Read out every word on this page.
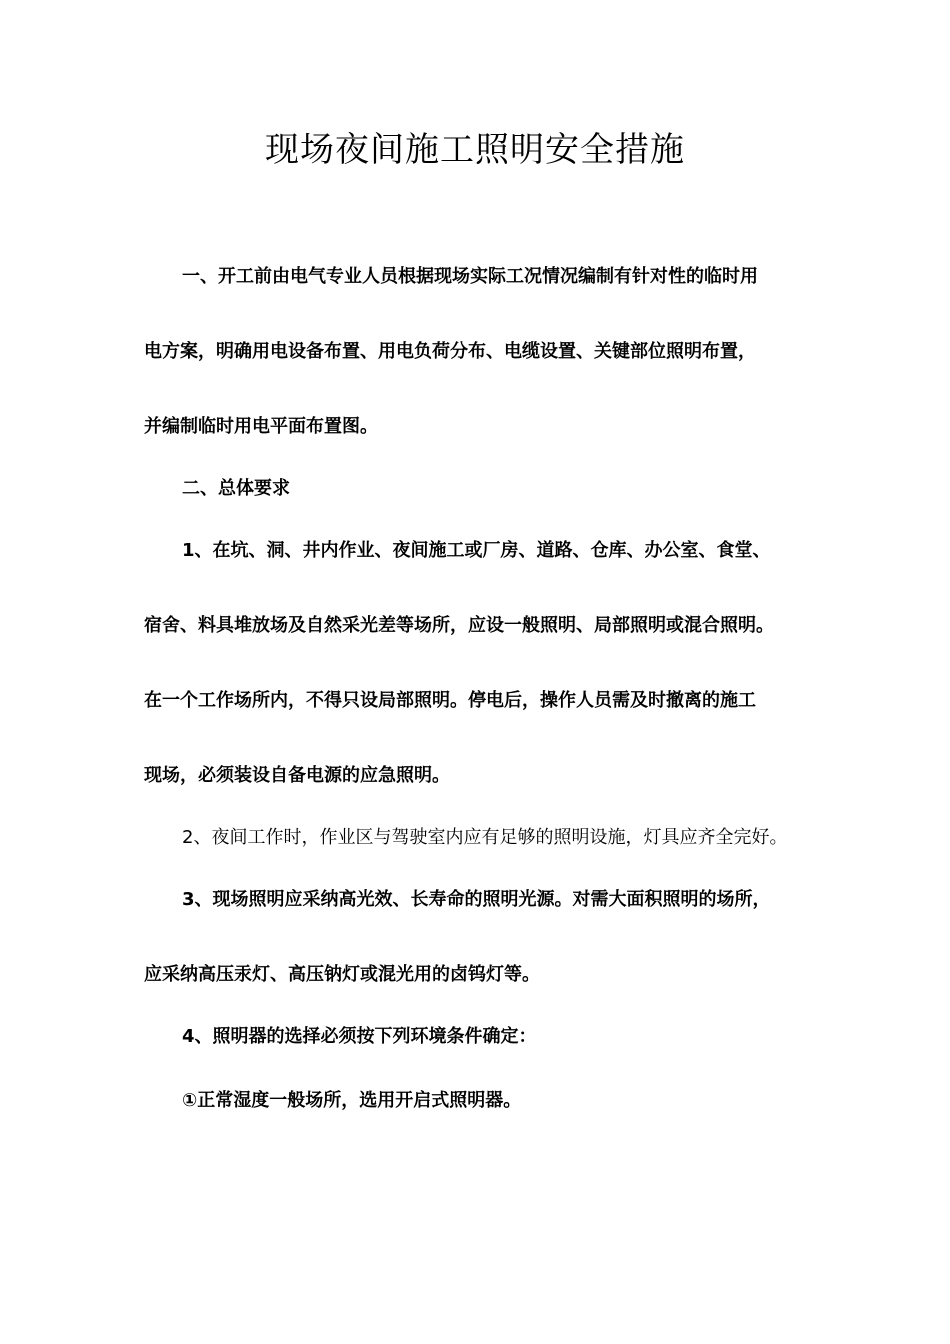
现场夜间施工照明安全措施

一、开工前由电气专业人员根据现场实际工况情况编制有针对性的临时用

电方案，明确用电设备布置、用电负荷分布、电缆设置、关键部位照明布置，

并编制临时用电平面布置图。

二、总体要求

1、在坑、洞、井内作业、夜间施工或厂房、道路、仓库、办公室、食堂、

宿舍、料具堆放场及自然采光差等场所，应设一般照明、局部照明或混合照明。

在一个工作场所内，不得只设局部照明。停电后，操作人员需及时撤离的施工

现场，必须装设自备电源的应急照明。

2、夜间工作时，作业区与驾驶室内应有足够的照明设施，灯具应齐全完好。

3、现场照明应采纳高光效、长寿命的照明光源。对需大面积照明的场所，

应采纳高压汞灯、高压钠灯或混光用的卤钨灯等。

4、照明器的选择必须按下列环境条件确定：

①正常湿度一般场所，选用开启式照明器。
